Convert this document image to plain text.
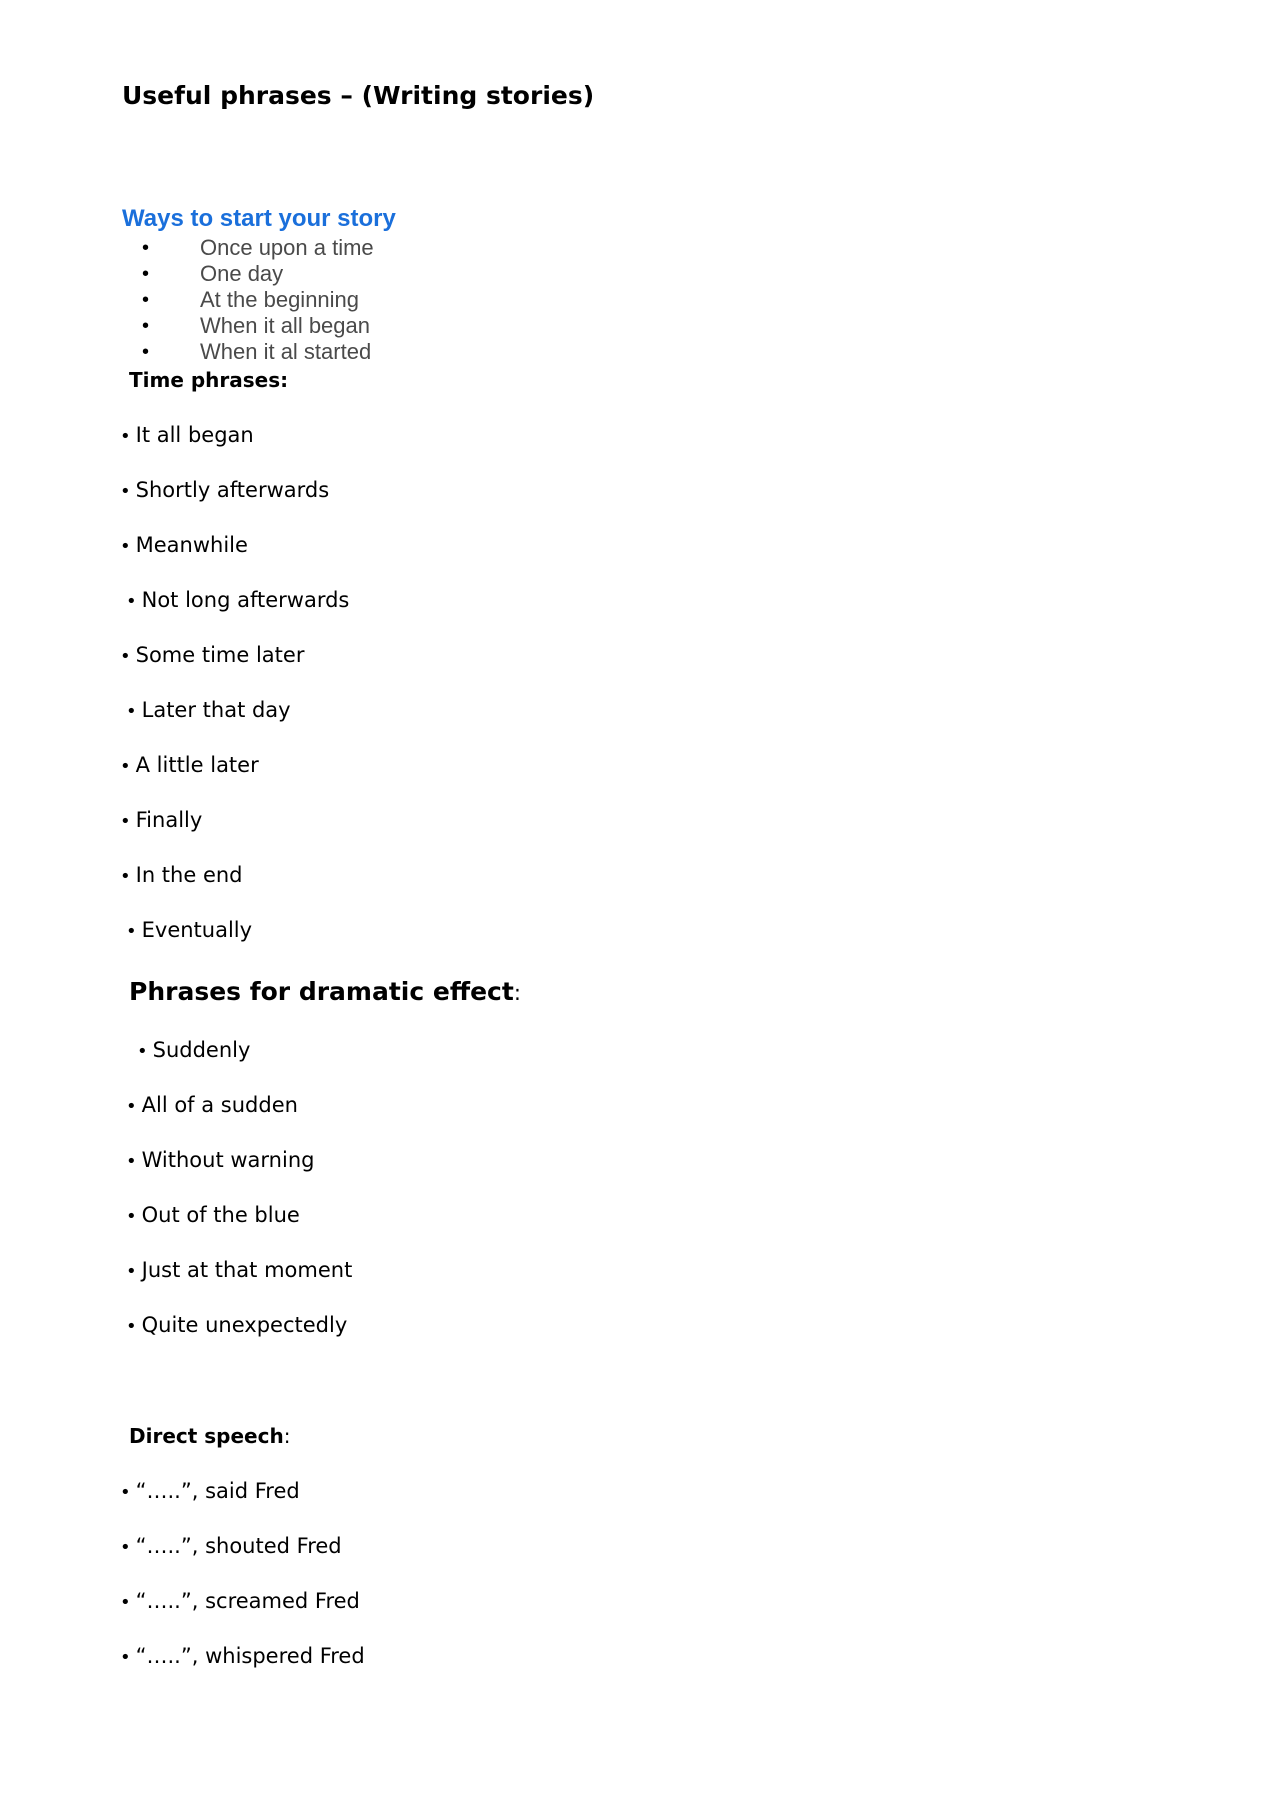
Useful phrases – (Writing stories)
Ways to start your story
• Once upon a time
• One day
• At the beginning
• When it all began
• When it al started

Time phrases:

• It all began
• Shortly afterwards
• Meanwhile
• Not long afterwards
• Some time later
• Later that day
• A little later
• Finally
• In the end
• Eventually
Phrases for dramatic effect:
• Suddenly
• All of a sudden
• Without warning
• Out of the blue
• Just at that moment
• Quite unexpectedly

Direct speech:

• “…..”, said Fred
• “…..”, shouted Fred
• “…..”, screamed Fred
• “…..”, whispered Fred
